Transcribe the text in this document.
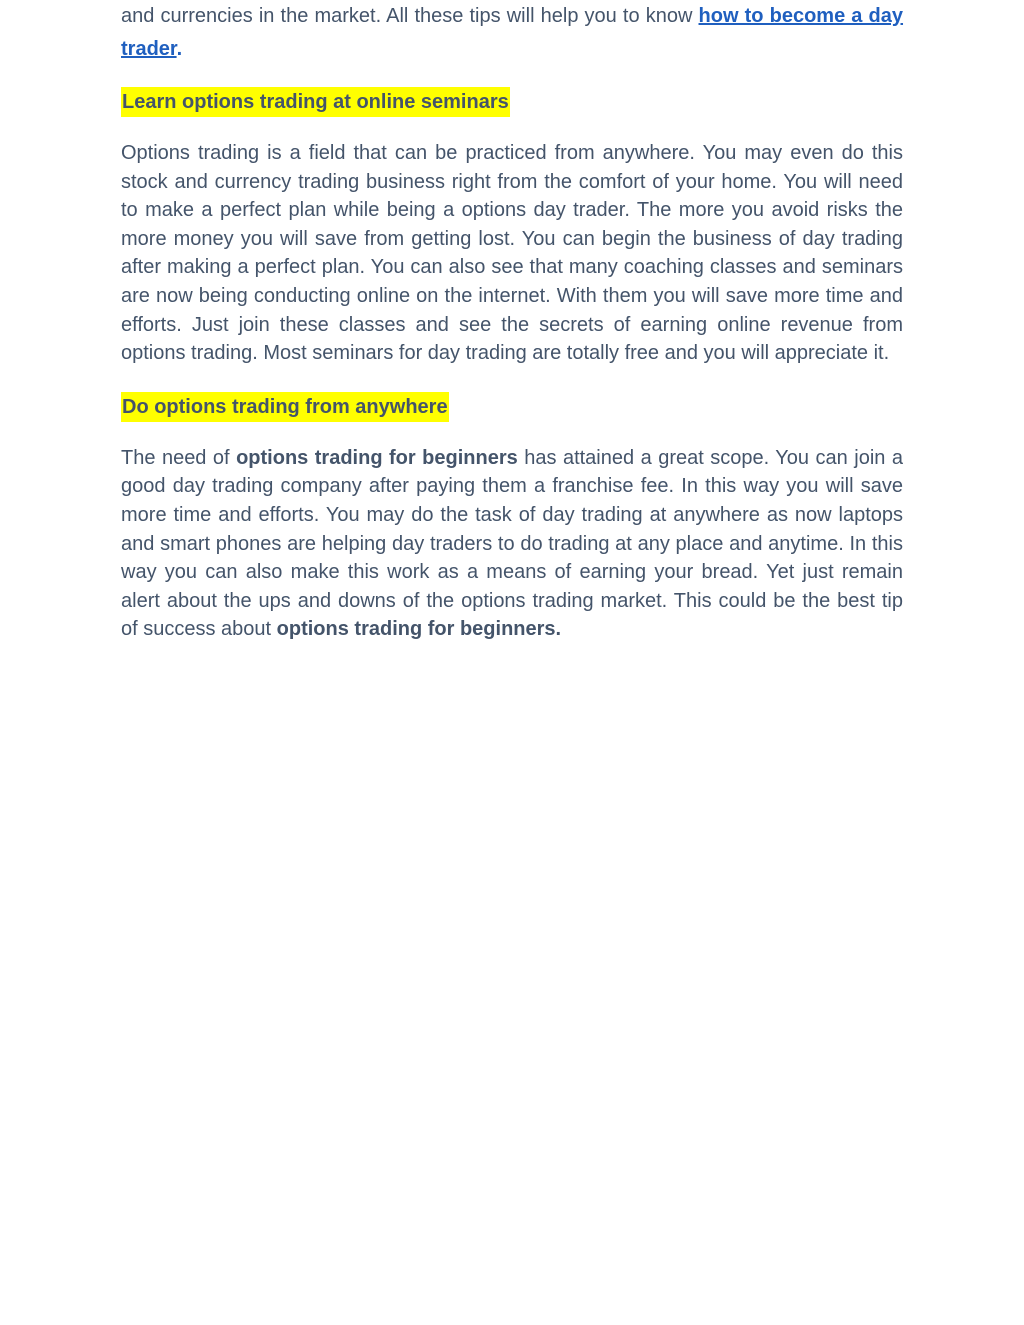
and currencies in the market. All these tips will help you to know how to become a day trader.

Learn options trading at online seminars

Options trading is a field that can be practiced from anywhere. You may even do this stock and currency trading business right from the comfort of your home. You will need to make a perfect plan while being a options day trader. The more you avoid risks the more money you will save from getting lost. You can begin the business of day trading after making a perfect plan. You can also see that many coaching classes and seminars are now being conducting online on the internet. With them you will save more time and efforts. Just join these classes and see the secrets of earning online revenue from options trading. Most seminars for day trading are totally free and you will appreciate it.

Do options trading from anywhere

The need of options trading for beginners has attained a great scope. You can join a good day trading company after paying them a franchise fee. In this way you will save more time and efforts. You may do the task of day trading at anywhere as now laptops and smart phones are helping day traders to do trading at any place and anytime. In this way you can also make this work as a means of earning your bread. Yet just remain alert about the ups and downs of the options trading market. This could be the best tip of success about options trading for beginners.
